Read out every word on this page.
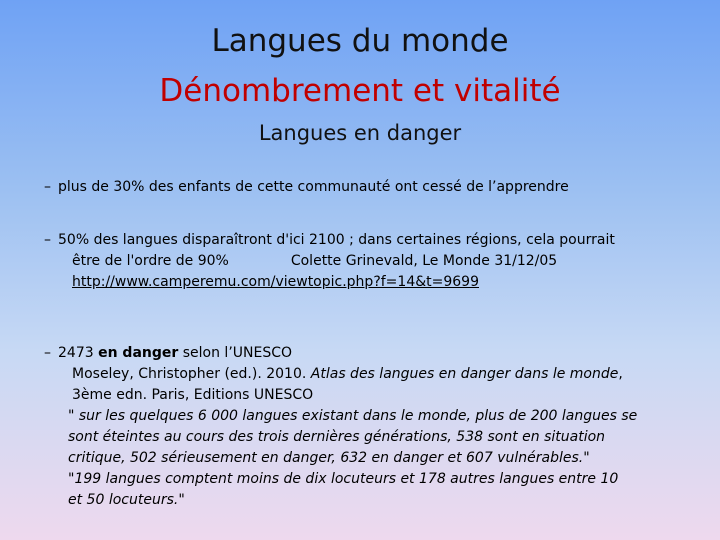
Langues du monde
Dénombrement et vitalité
Langues en danger
– plus de 30% des enfants de cette communauté ont cessé de l’apprendre
– 50% des langues disparaîtront d'ici 2100 ; dans certaines régions, cela pourrait
être de l'ordre de 90%	Colette Grinevald, Le Monde 31/12/05
http://www.camperemu.com/viewtopic.php?f=14&t=9699
– 2473 en danger selon l’UNESCO
Moseley, Christopher (ed.). 2010. Atlas des langues en danger dans le monde,
3ème edn. Paris, Editions UNESCO
" sur les quelques 6 000 langues existant dans le monde, plus de 200 langues se
sont éteintes au cours des trois dernières générations, 538 sont en situation
critique, 502 sérieusement en danger, 632 en danger et 607 vulnérables."
"199 langues comptent moins de dix locuteurs et 178 autres langues entre 10
et 50 locuteurs."
